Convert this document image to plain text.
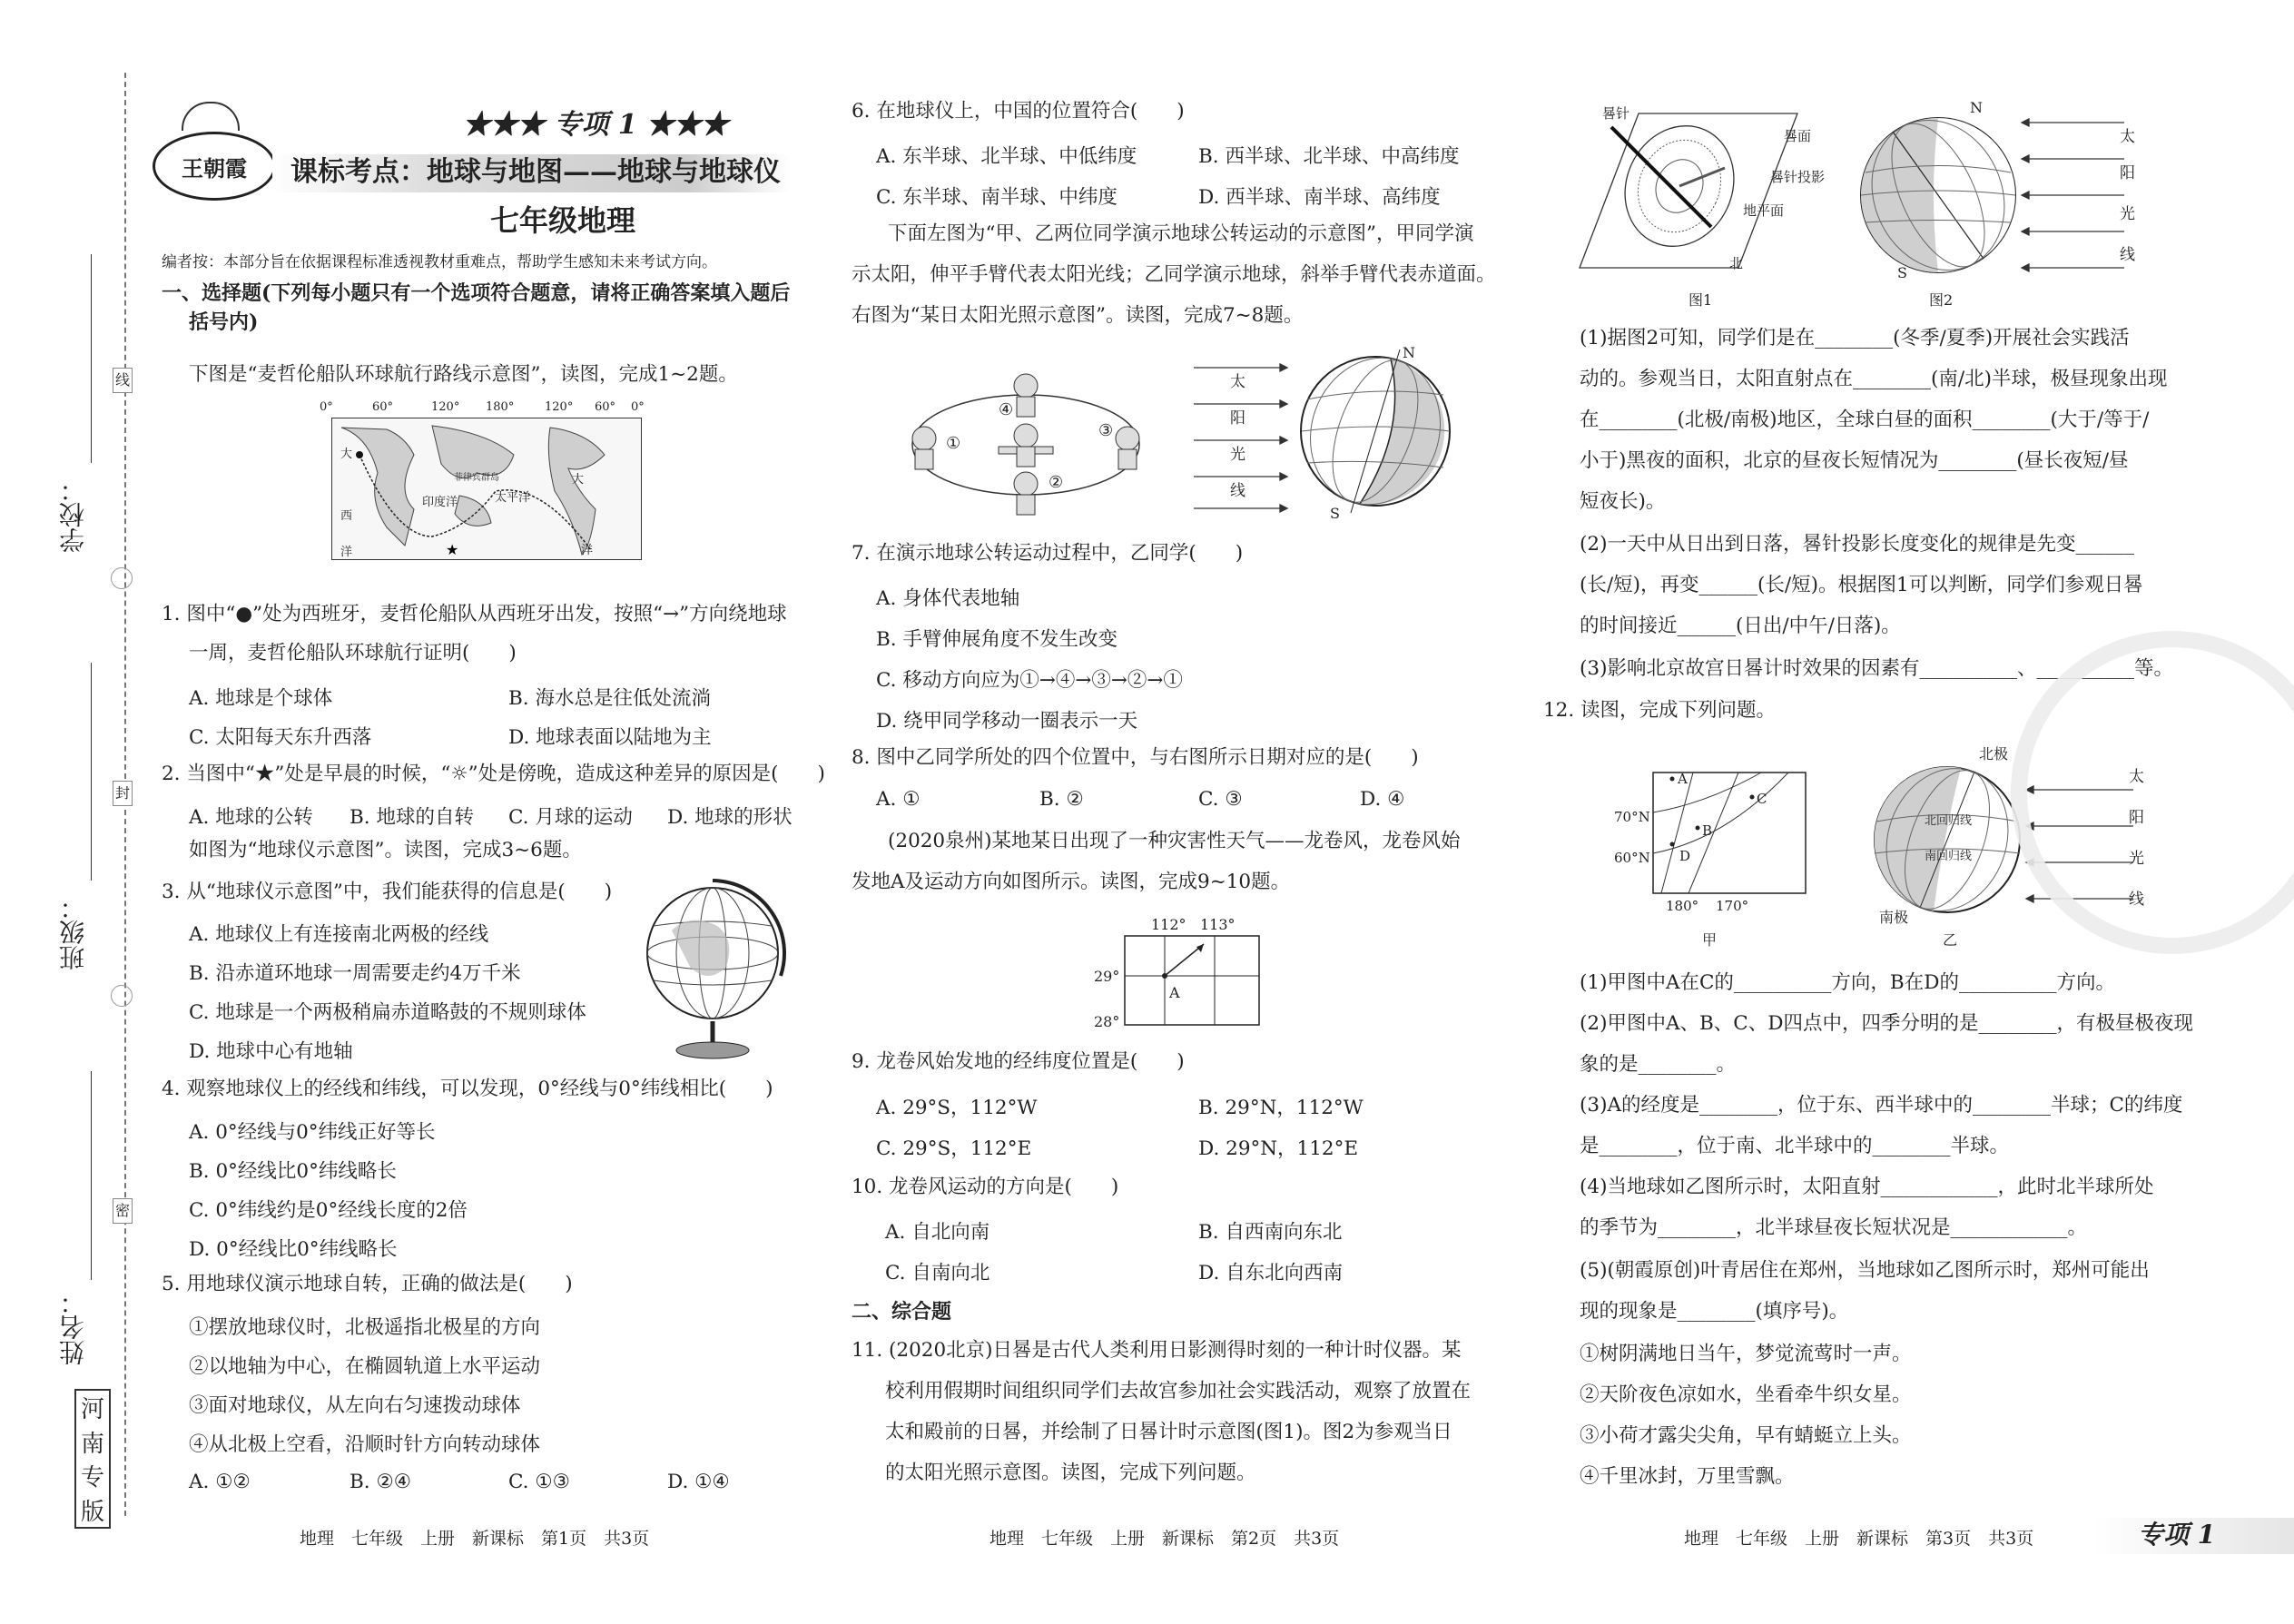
线
封
密
学校：
班级：
姓名：
河
南
专
版
王朝霞
★★★ 专项 1 ★★★
课标考点：地球与地图——地球与地球仪
七年级地理
编者按：本部分旨在依据课程标准透视教材重难点，帮助学生感知未来考试方向。
一、选择题(下列每小题只有一个选项符合题意，请将正确答案填入题后
括号内)
下图是“麦哲伦船队环球航行路线示意图”，读图，完成1~2题。
★
0°	60°	120° 180°	120° 60° 0°
大
西
洋
印度洋
菲律宾群岛
太平洋
大
洋
1. 图中“●”处为西班牙，麦哲伦船队从西班牙出发，按照“→”方向绕地球
一周，麦哲伦船队环球航行证明(　　)
A. 地球是个球体	B. 海水总是往低处流淌
C. 太阳每天东升西落	D. 地球表面以陆地为主
2. 当图中“★”处是早晨的时候，“☼”处是傍晚，造成这种差异的原因是(　　)
A. 地球的公转 B. 地球的自转 C. 月球的运动 D. 地球的形状
如图为“地球仪示意图”。读图，完成3~6题。
3. 从“地球仪示意图”中，我们能获得的信息是(　　)
A. 地球仪上有连接南北两极的经线
B. 沿赤道环地球一周需要走约4万千米
C. 地球是一个两极稍扁赤道略鼓的不规则球体
D. 地球中心有地轴
4. 观察地球仪上的经线和纬线，可以发现，0°经线与0°纬线相比(　　)
A. 0°经线与0°纬线正好等长
B. 0°经线比0°纬线略长
C. 0°纬线约是0°经线长度的2倍
D. 0°经线比0°纬线略长
5. 用地球仪演示地球自转，正确的做法是(　　)
①摆放地球仪时，北极遥指北极星的方向
②以地轴为中心，在椭圆轨道上水平运动
③面对地球仪，从左向右匀速拨动球体
④从北极上空看，沿顺时针方向转动球体
A. ①②	B. ②④	C. ①③	D. ①④
地理　七年级　上册　新课标　第1页　共3页
6. 在地球仪上，中国的位置符合(　　)
A. 东半球、北半球、中低纬度	B. 西半球、北半球、中高纬度
C. 东半球、南半球、中纬度	D. 西半球、南半球、高纬度
下面左图为“甲、乙两位同学演示地球公转运动的示意图”，甲同学演
示太阳，伸平手臂代表太阳光线；乙同学演示地球，斜举手臂代表赤道面。
右图为“某日太阳光照示意图”。读图，完成7~8题。
①
②
③
④
太
阳
光
线
N
S
7. 在演示地球公转运动过程中，乙同学(　　)
A. 身体代表地轴
B. 手臂伸展角度不发生改变
C. 移动方向应为①→④→③→②→①
D. 绕甲同学移动一圈表示一天
8. 图中乙同学所处的四个位置中，与右图所示日期对应的是(　　)
A. ①	B. ②	C. ③	D. ④
(2020泉州)某地某日出现了一种灾害性天气——龙卷风，龙卷风始
发地A及运动方向如图所示。读图，完成9~10题。
112° 113°
29°
28°
A
9. 龙卷风始发地的经纬度位置是(　　)
A. 29°S，112°W	B. 29°N，112°W
C. 29°S，112°E	D. 29°N，112°E
10. 龙卷风运动的方向是(　　)
A. 自北向南	B. 自西南向东北
C. 自南向北	D. 自东北向西南
二、综合题
11. (2020北京)日晷是古代人类利用日影测得时刻的一种计时仪器。某
校利用假期时间组织同学们去故宫参加社会实践活动，观察了放置在
太和殿前的日晷，并绘制了日晷计时示意图(图1)。图2为参观当日
的太阳光照示意图。读图，完成下列问题。
地理　七年级　上册　新课标　第2页　共3页
晷针
晷面
晷针投影
地平面
北
图1
N
S
太
阳
光
线
图2
(1)据图2可知，同学们是在________(冬季/夏季)开展社会实践活
动的。参观当日，太阳直射点在________(南/北)半球，极昼现象出现
在________(北极/南极)地区，全球白昼的面积________(大于/等于/
小于)黑夜的面积，北京的昼夜长短情况为________(昼长夜短/昼
短夜长)。
(2)一天中从日出到日落，晷针投影长度变化的规律是先变______
(长/短)，再变______(长/短)。根据图1可以判断，同学们参观日晷
的时间接近______(日出/中午/日落)。
(3)影响北京故宫日晷计时效果的因素有__________、__________等。
12. 读图，完成下列问题。
70°N
60°N
180° 170°
A
B
C
D
甲
北极
南极
北回归线
南回归线
太
阳
光
线
乙
(1)甲图中A在C的__________方向，B在D的__________方向。
(2)甲图中A、B、C、D四点中，四季分明的是________，有极昼极夜现
象的是________。
(3)A的经度是________，位于东、西半球中的________半球；C的纬度
是________，位于南、北半球中的________半球。
(4)当地球如乙图所示时，太阳直射____________，此时北半球所处
的季节为________，北半球昼夜长短状况是____________。
(5)(朝霞原创)叶青居住在郑州，当地球如乙图所示时，郑州可能出
现的现象是________(填序号)。
①树阴满地日当午，梦觉流莺时一声。
②天阶夜色凉如水，坐看牵牛织女星。
③小荷才露尖尖角，早有蜻蜓立上头。
④千里冰封，万里雪飘。
地理　七年级　上册　新课标　第3页　共3页	专项 1
